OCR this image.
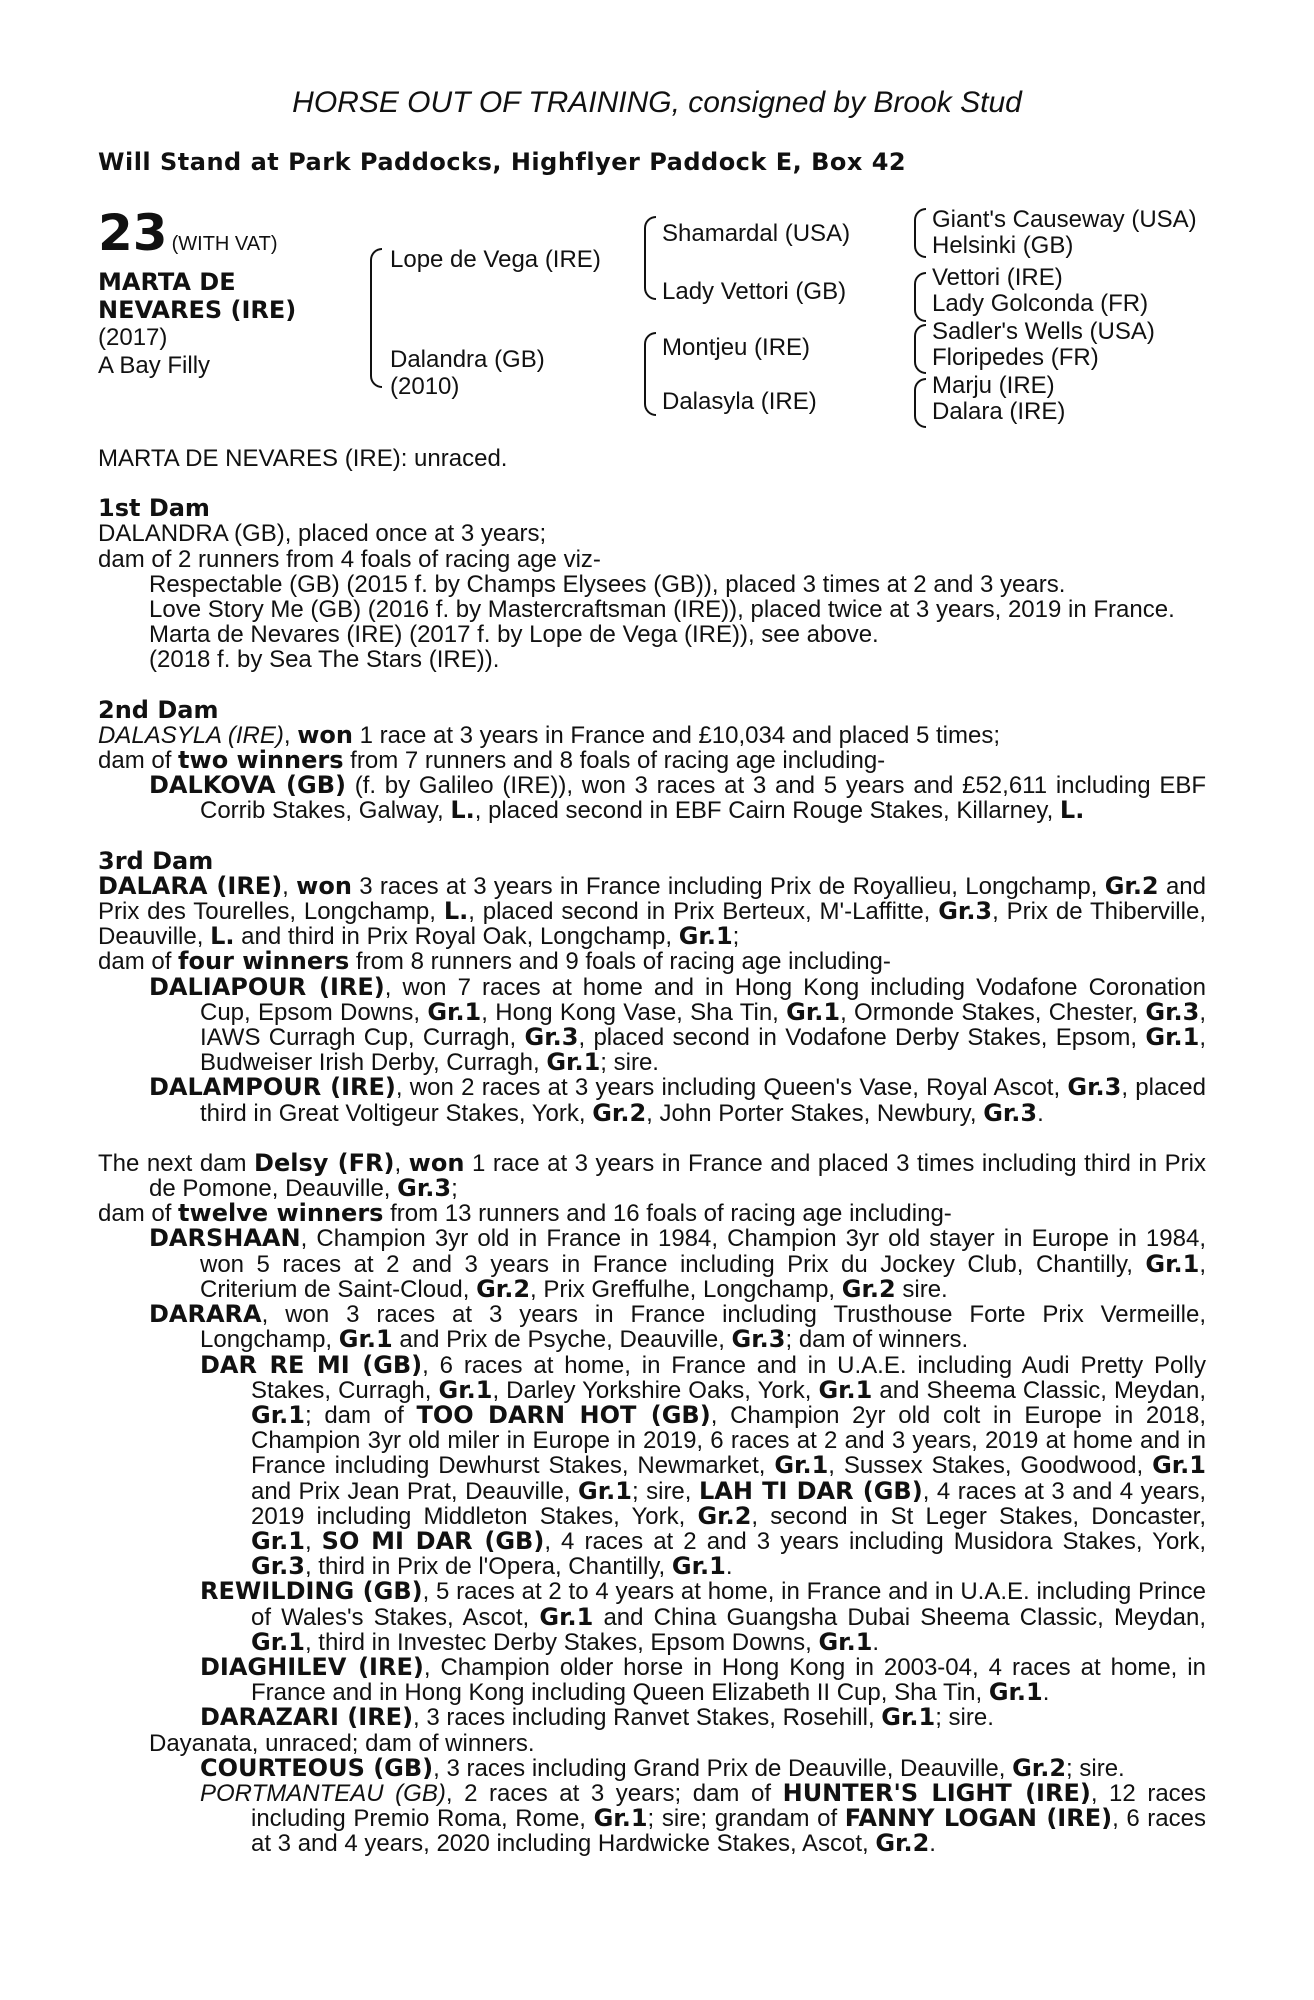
HORSE OUT OF TRAINING, consigned by Brook Stud
Will Stand at Park Paddocks, Highflyer Paddock E, Box 42
23 (WITH VAT)
MARTA DE
NEVARES (IRE)
(2017)
A Bay Filly
Lope de Vega (IRE)
Dalandra (GB)
(2010)
Shamardal (USA)
Lady Vettori (GB)
Montjeu (IRE)
Dalasyla (IRE)
Giant's Causeway (USA)
Helsinki (GB)
Vettori (IRE)
Lady Golconda (FR)
Sadler's Wells (USA)
Floripedes (FR)
Marju (IRE)
Dalara (IRE)

MARTA DE NEVARES (IRE): unraced.

1st Dam

DALANDRA (GB), placed once at 3 years;

dam of 2 runners from 4 foals of racing age viz-

Respectable (GB) (2015 f. by Champs Elysees (GB)), placed 3 times at 2 and 3 years.

Love Story Me (GB) (2016 f. by Mastercraftsman (IRE)), placed twice at 3 years, 2019 in France.

Marta de Nevares (IRE) (2017 f. by Lope de Vega (IRE)), see above.

(2018 f. by Sea The Stars (IRE)).

2nd Dam

DALASYLA (IRE), won 1 race at 3 years in France and £10,034 and placed 5 times;

dam of two winners from 7 runners and 8 foals of racing age including-

DALKOVA (GB) (f. by Galileo (IRE)), won 3 races at 3 and 5 years and £52,611 including EBF Corrib Stakes, Galway, L., placed second in EBF Cairn Rouge Stakes, Killarney, L.

3rd Dam

DALARA (IRE), won 3 races at 3 years in France including Prix de Royallieu, Longchamp, Gr.2 and Prix des Tourelles, Longchamp, L., placed second in Prix Berteux, M'-Laffitte, Gr.3, Prix de Thiberville, Deauville, L. and third in Prix Royal Oak, Longchamp, Gr.1;

dam of four winners from 8 runners and 9 foals of racing age including-

DALIAPOUR (IRE), won 7 races at home and in Hong Kong including Vodafone Coronation Cup, Epsom Downs, Gr.1, Hong Kong Vase, Sha Tin, Gr.1, Ormonde Stakes, Chester, Gr.3, IAWS Curragh Cup, Curragh, Gr.3, placed second in Vodafone Derby Stakes, Epsom, Gr.1, Budweiser Irish Derby, Curragh, Gr.1; sire.

DALAMPOUR (IRE), won 2 races at 3 years including Queen's Vase, Royal Ascot, Gr.3, placed third in Great Voltigeur Stakes, York, Gr.2, John Porter Stakes, Newbury, Gr.3.

The next dam Delsy (FR), won 1 race at 3 years in France and placed 3 times including third in Prix de Pomone, Deauville, Gr.3;

dam of twelve winners from 13 runners and 16 foals of racing age including-

DARSHAAN, Champion 3yr old in France in 1984, Champion 3yr old stayer in Europe in 1984, won 5 races at 2 and 3 years in France including Prix du Jockey Club, Chantilly, Gr.1, Criterium de Saint-Cloud, Gr.2, Prix Greffulhe, Longchamp, Gr.2 sire.

DARARA, won 3 races at 3 years in France including Trusthouse Forte Prix Vermeille, Longchamp, Gr.1 and Prix de Psyche, Deauville, Gr.3; dam of winners.

DAR RE MI (GB), 6 races at home, in France and in U.A.E. including Audi Pretty Polly Stakes, Curragh, Gr.1, Darley Yorkshire Oaks, York, Gr.1 and Sheema Classic, Meydan, Gr.1; dam of TOO DARN HOT (GB), Champion 2yr old colt in Europe in 2018, Champion 3yr old miler in Europe in 2019, 6 races at 2 and 3 years, 2019 at home and in France including Dewhurst Stakes, Newmarket, Gr.1, Sussex Stakes, Goodwood, Gr.1 and Prix Jean Prat, Deauville, Gr.1; sire, LAH TI DAR (GB), 4 races at 3 and 4 years, 2019 including Middleton Stakes, York, Gr.2, second in St Leger Stakes, Doncaster, Gr.1, SO MI DAR (GB), 4 races at 2 and 3 years including Musidora Stakes, York, Gr.3, third in Prix de l'Opera, Chantilly, Gr.1.

REWILDING (GB), 5 races at 2 to 4 years at home, in France and in U.A.E. including Prince of Wales's Stakes, Ascot, Gr.1 and China Guangsha Dubai Sheema Classic, Meydan, Gr.1, third in Investec Derby Stakes, Epsom Downs, Gr.1.

DIAGHILEV (IRE), Champion older horse in Hong Kong in 2003-04, 4 races at home, in France and in Hong Kong including Queen Elizabeth II Cup, Sha Tin, Gr.1.

DARAZARI (IRE), 3 races including Ranvet Stakes, Rosehill, Gr.1; sire.

Dayanata, unraced; dam of winners.

COURTEOUS (GB), 3 races including Grand Prix de Deauville, Deauville, Gr.2; sire.

PORTMANTEAU (GB), 2 races at 3 years; dam of HUNTER'S LIGHT (IRE), 12 races including Premio Roma, Rome, Gr.1; sire; grandam of FANNY LOGAN (IRE), 6 races at 3 and 4 years, 2020 including Hardwicke Stakes, Ascot, Gr.2.
